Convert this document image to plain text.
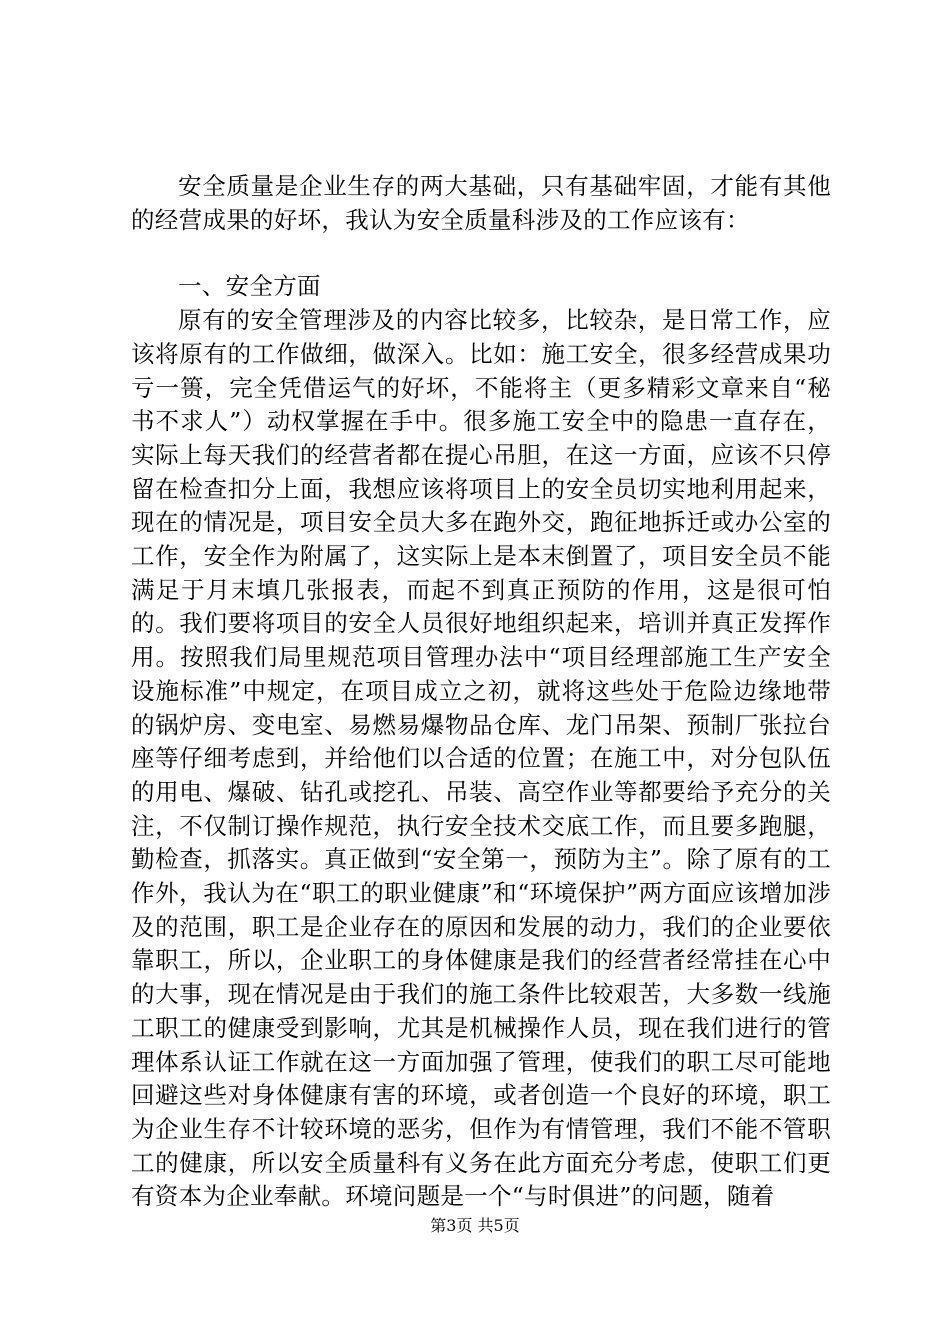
安全质量是企业生存的两大基础，只有基础牢固，才能有其他的经营成果的好坏，我认为安全质量科涉及的工作应该有：

一、安全方面

原有的安全管理涉及的内容比较多，比较杂，是日常工作，应该将原有的工作做细，做深入。比如：施工安全，很多经营成果功亏一篑，完全凭借运气的好坏，不能将主（更多精彩文章来自“秘书不求人”）动权掌握在手中。很多施工安全中的隐患一直存在，实际上每天我们的经营者都在提心吊胆，在这一方面，应该不只停留在检查扣分上面，我想应该将项目上的安全员切实地利用起来，现在的情况是，项目安全员大多在跑外交，跑征地拆迁或办公室的工作，安全作为附属了，这实际上是本末倒置了，项目安全员不能满足于月末填几张报表，而起不到真正预防的作用，这是很可怕的。我们要将项目的安全人员很好地组织起来，培训并真正发挥作用。按照我们局里规范项目管理办法中“项目经理部施工生产安全设施标准”中规定，在项目成立之初，就将这些处于危险边缘地带的锅炉房、变电室、易燃易爆物品仓库、龙门吊架、预制厂张拉台座等仔细考虑到，并给他们以合适的位置；在施工中，对分包队伍的用电、爆破、钻孔或挖孔、吊装、高空作业等都要给予充分的关注，不仅制订操作规范，执行安全技术交底工作，而且要多跑腿，勤检查，抓落实。真正做到“安全第一，预防为主”。除了原有的工作外，我认为在“职工的职业健康”和“环境保护”两方面应该增加涉及的范围，职工是企业存在的原因和发展的动力，我们的企业要依靠职工，所以，企业职工的身体健康是我们的经营者经常挂在心中的大事，现在情况是由于我们的施工条件比较艰苦，大多数一线施工职工的健康受到影响，尤其是机械操作人员，现在我们进行的管理体系认证工作就在这一方面加强了管理，使我们的职工尽可能地回避这些对身体健康有害的环境，或者创造一个良好的环境，职工为企业生存不计较环境的恶劣，但作为有情管理，我们不能不管职工的健康，所以安全质量科有义务在此方面充分考虑，使职工们更有资本为企业奉献。环境问题是一个“与时俱进”的问题，随着

第3页 共5页
